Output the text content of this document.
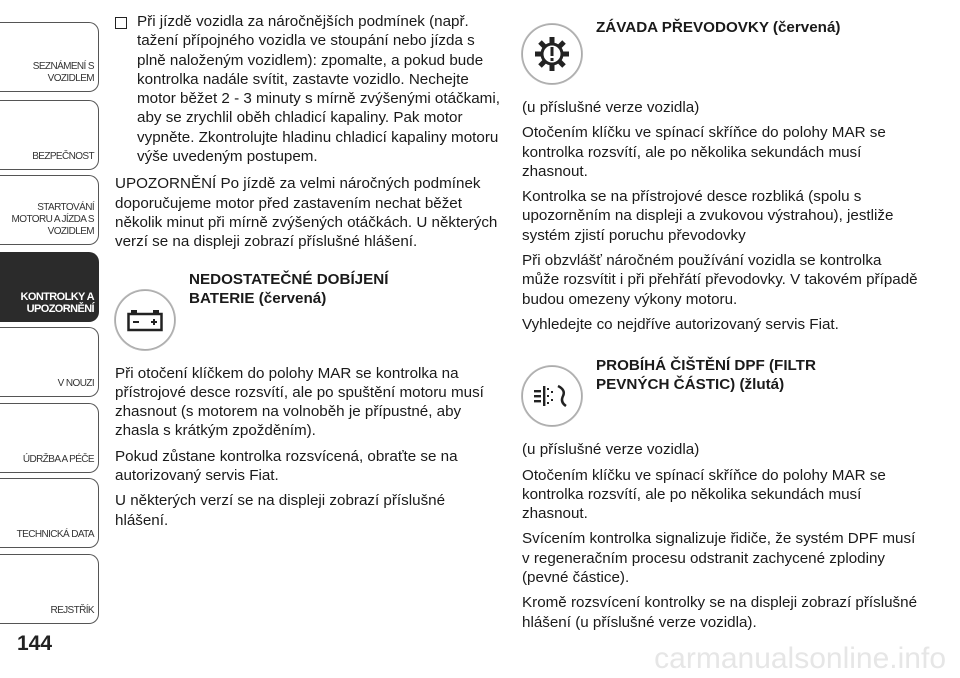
SEZNÁMENÍ S VOZIDLEM
BEZPEČNOST
STARTOVÁNÍ MOTORU A JÍZDA S VOZIDLEM
KONTROLKY A UPOZORNĚNÍ
V NOUZI
ÚDRŽBA A PÉČE
TECHNICKÁ DATA
REJSTŘÍK
144

Při jízdě vozidla za náročnějších podmínek (např. tažení přípojného vozidla ve stoupání nebo jízda s plně naloženým vozidlem): zpomalte, a pokud bude kontrolka nadále svítit, zastavte vozidlo. Nechejte motor běžet 2 - 3 minuty s mírně zvýšenými otáčkami, aby se zrychlil oběh chladicí kapaliny. Pak motor vypněte. Zkontrolujte hladinu chladicí kapaliny motoru výše uvedeným postupem.

UPOZORNĚNÍ Po jízdě za velmi náročných podmínek doporučujeme motor před zastavením nechat běžet několik minut při mírně zvýšených otáčkách. U některých verzí se na displeji zobrazí příslušné hlášení.

NEDOSTATEČNÉ DOBÍJENÍ BATERIE (červená)

Při otočení klíčkem do polohy MAR se kontrolka na přístrojové desce rozsvítí, ale po spuštění motoru musí zhasnout (s motorem na volnoběh je přípustné, aby zhasla s krátkým zpožděním).

Pokud zůstane kontrolka rozsvícená, obraťte se na autorizovaný servis Fiat.

U některých verzí se na displeji zobrazí příslušné hlášení.

ZÁVADA PŘEVODOVKY (červená)

(u příslušné verze vozidla)

Otočením klíčku ve spínací skříňce do polohy MAR se kontrolka rozsvítí, ale po několika sekundách musí zhasnout.

Kontrolka se na přístrojové desce rozbliká (spolu s upozorněním na displeji a zvukovou výstrahou), jestliže systém zjistí poruchu převodovky

Při obzvlášť náročném používání vozidla se kontrolka může rozsvítit i při přehřátí převodovky. V takovém případě budou omezeny výkony motoru.

Vyhledejte co nejdříve autorizovaný servis Fiat.

PROBÍHÁ ČIŠTĚNÍ DPF (FILTR PEVNÝCH ČÁSTIC) (žlutá)

(u příslušné verze vozidla)

Otočením klíčku ve spínací skříňce do polohy MAR se kontrolka rozsvítí, ale po několika sekundách musí zhasnout.

Svícením kontrolka signalizuje řidiče, že systém DPF musí v regeneračním procesu odstranit zachycené zplodiny (pevné částice).

Kromě rozsvícení kontrolky se na displeji zobrazí příslušné hlášení (u příslušné verze vozidla).

carmanualsonline.info
